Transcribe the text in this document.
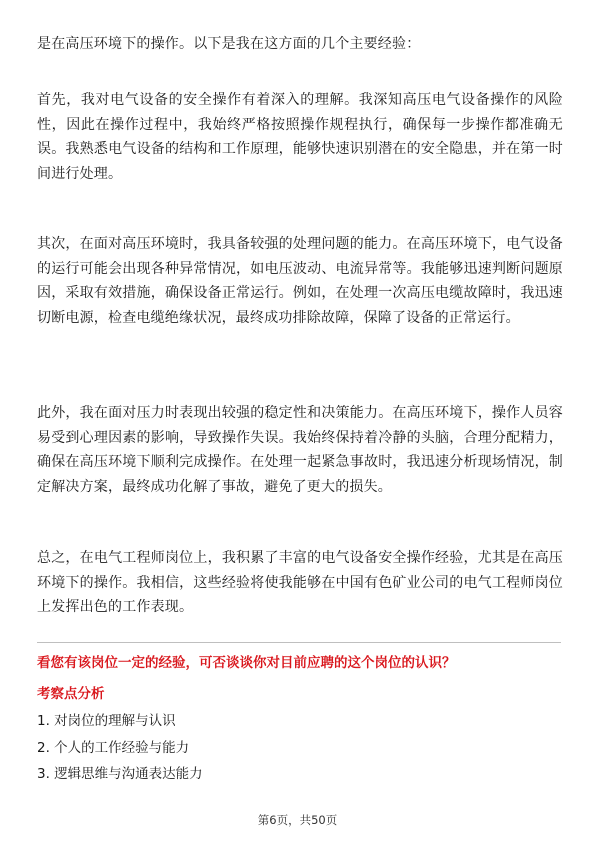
是在高压环境下的操作。以下是我在这方面的几个主要经验：

首先，我对电气设备的安全操作有着深入的理解。我深知高压电气设备操作的风险性，因此在操作过程中，我始终严格按照操作规程执行，确保每一步操作都准确无误。我熟悉电气设备的结构和工作原理，能够快速识别潜在的安全隐患，并在第一时间进行处理。

其次，在面对高压环境时，我具备较强的处理问题的能力。在高压环境下，电气设备的运行可能会出现各种异常情况，如电压波动、电流异常等。我能够迅速判断问题原因，采取有效措施，确保设备正常运行。例如，在处理一次高压电缆故障时，我迅速切断电源，检查电缆绝缘状况，最终成功排除故障，保障了设备的正常运行。

此外，我在面对压力时表现出较强的稳定性和决策能力。在高压环境下，操作人员容易受到心理因素的影响，导致操作失误。我始终保持着冷静的头脑，合理分配精力，确保在高压环境下顺利完成操作。在处理一起紧急事故时，我迅速分析现场情况，制定解决方案，最终成功化解了事故，避免了更大的损失。

总之，在电气工程师岗位上，我积累了丰富的电气设备安全操作经验，尤其是在高压环境下的操作。我相信，这些经验将使我能够在中国有色矿业公司的电气工程师岗位上发挥出色的工作表现。

看您有该岗位一定的经验，可否谈谈你对目前应聘的这个岗位的认识？

考察点分析

1. 对岗位的理解与认识
2. 个人的工作经验与能力
3. 逻辑思维与沟通表达能力
第6页，共50页
